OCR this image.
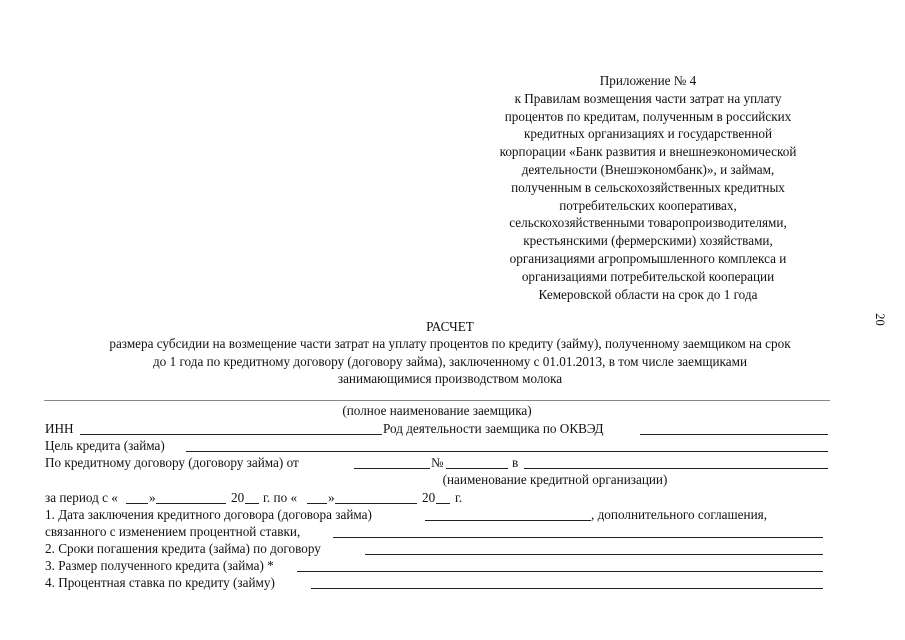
Приложение № 4
к Правилам возмещения части затрат на уплату
процентов по кредитам, полученным в российских
кредитных организациях и государственной
корпорации «Банк развития и внешнеэкономической
деятельности (Внешэкономбанк)», и займам,
полученным в сельскохозяйственных кредитных
потребительских кооперативах,
сельскохозяйственными товаропроизводителями,
крестьянскими (фермерскими) хозяйствами,
организациями агропромышленного комплекса и
организациями потребительской кооперации
Кемеровской области на срок до 1 года
20
РАСЧЕТ
размера субсидии на возмещение части затрат на уплату процентов по кредиту (займу), полученному заемщиком на срок
до 1 года по кредитному договору (договору займа), заключенному с 01.01.2013, в том числе заемщиками
занимающимися производством молока
(полное наименование заемщика)
ИНН	Род деятельности заемщика по ОКВЭД
Цель кредита (займа)
По кредитному договору (договору займа) от	№	в
(наименование кредитной организации)
за период с « »	20 г. по « »	20 г.
1. Дата заключения кредитного договора (договора займа)	, дополнительного соглашения,
связанного с изменением процентной ставки,
2. Сроки погашения кредита (займа) по договору
3. Размер полученного кредита (займа) *
4. Процентная ставка по кредиту (займу)
